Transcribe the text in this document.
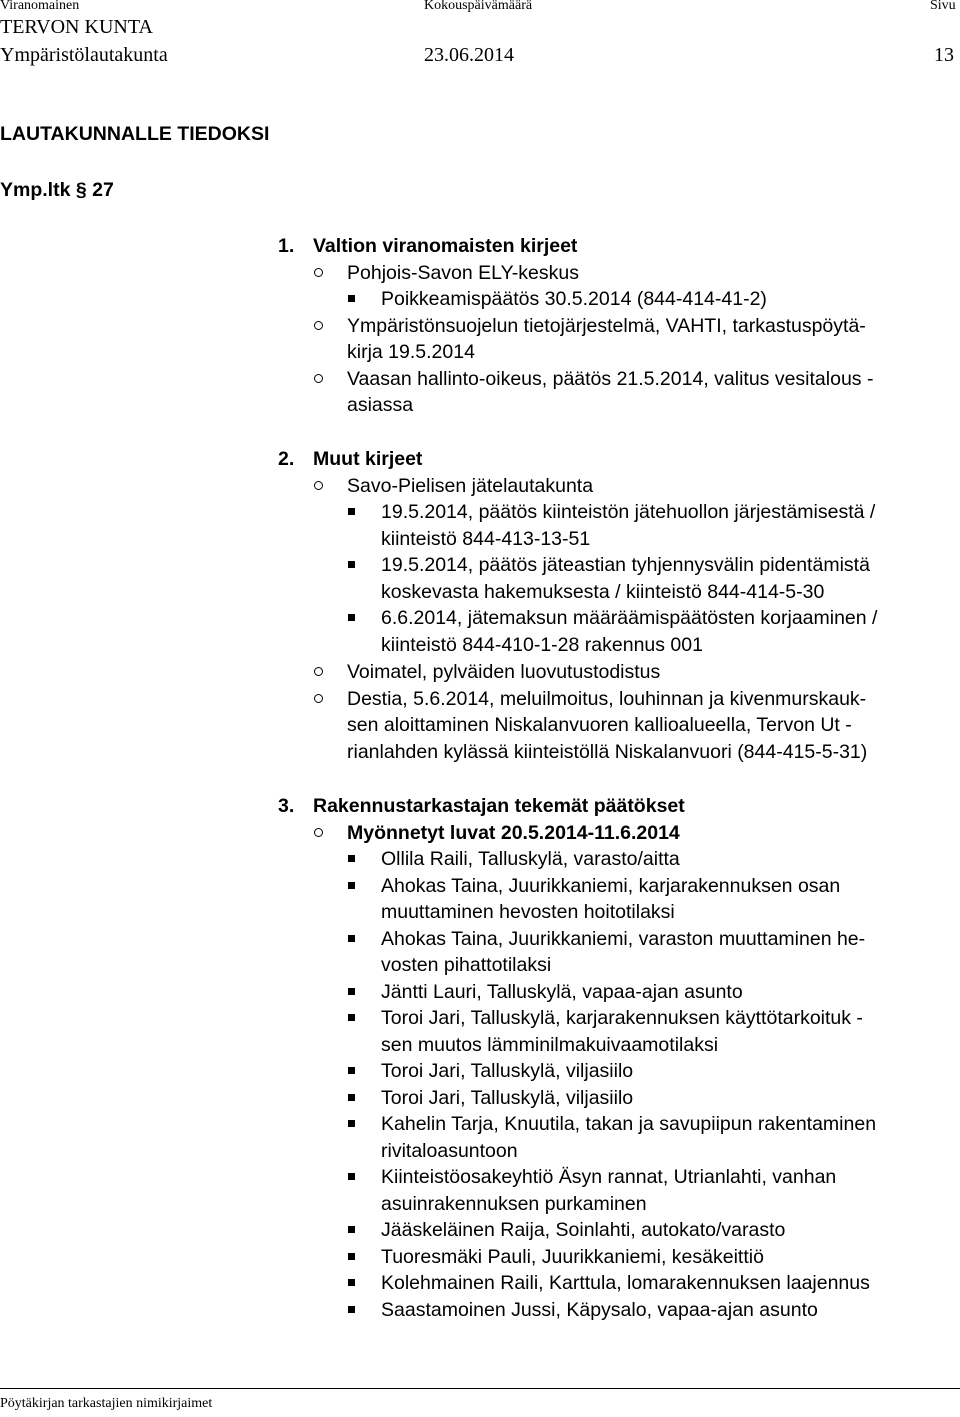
Viranomainen	Kokouspäivämäärä	Sivu
TERVON KUNTA
Ympäristölautakunta	23.06.2014	13
LAUTAKUNNALLE TIEDOKSI
Ymp.ltk § 27
1. Valtion viranomaisten kirjeet
Pohjois-Savon ELY-keskus
Poikkeamispäätös 30.5.2014 (844-414-41-2)
Ympäristönsuojelun tietojärjestelmä, VAHTI, tarkastuspöytä-
kirja 19.5.2014
Vaasan hallinto-oikeus, päätös 21.5.2014, valitus vesitalous -
asiassa
2. Muut kirjeet
Savo-Pielisen jätelautakunta
19.5.2014, päätös kiinteistön jätehuollon järjestämisestä /
kiinteistö 844-413-13-51
19.5.2014, päätös jäteastian tyhjennysvälin pidentämistä
koskevasta hakemuksesta / kiinteistö 844-414-5-30
6.6.2014, jätemaksun määräämispäätösten korjaaminen /
kiinteistö 844-410-1-28 rakennus 001
Voimatel, pylväiden luovutustodistus
Destia, 5.6.2014, meluilmoitus, louhinnan ja kivenmurskauk-
sen aloittaminen Niskalanvuoren kallioalueella, Tervon Ut -
rianlahden kylässä kiinteistöllä Niskalanvuori (844-415-5-31)
3. Rakennustarkastajan tekemät päätökset
Myönnetyt luvat 20.5.2014-11.6.2014
Ollila Raili, Talluskylä, varasto/aitta
Ahokas Taina, Juurikkaniemi, karjarakennuksen osan
muuttaminen hevosten hoitotilaksi
Ahokas Taina, Juurikkaniemi, varaston muuttaminen he-
vosten pihattotilaksi
Jäntti Lauri, Talluskylä, vapaa-ajan asunto
Toroi Jari, Talluskylä, karjarakennuksen käyttötarkoituk -
sen muutos lämminilmakuivaamotilaksi
Toroi Jari, Talluskylä, viljasiilo
Toroi Jari, Talluskylä, viljasiilo
Kahelin Tarja, Knuutila, takan ja savupiipun rakentaminen
rivitaloasuntoon
Kiinteistöosakeyhtiö Äsyn rannat, Utrianlahti, vanhan
asuinrakennuksen purkaminen
Jääskeläinen Raija, Soinlahti, autokato/varasto
Tuoresmäki Pauli, Juurikkaniemi, kesäkeittiö
Kolehmainen Raili, Karttula, lomarakennuksen laajennus
Saastamoinen Jussi, Käpysalo, vapaa-ajan asunto
Pöytäkirjan tarkastajien nimikirjaimet
